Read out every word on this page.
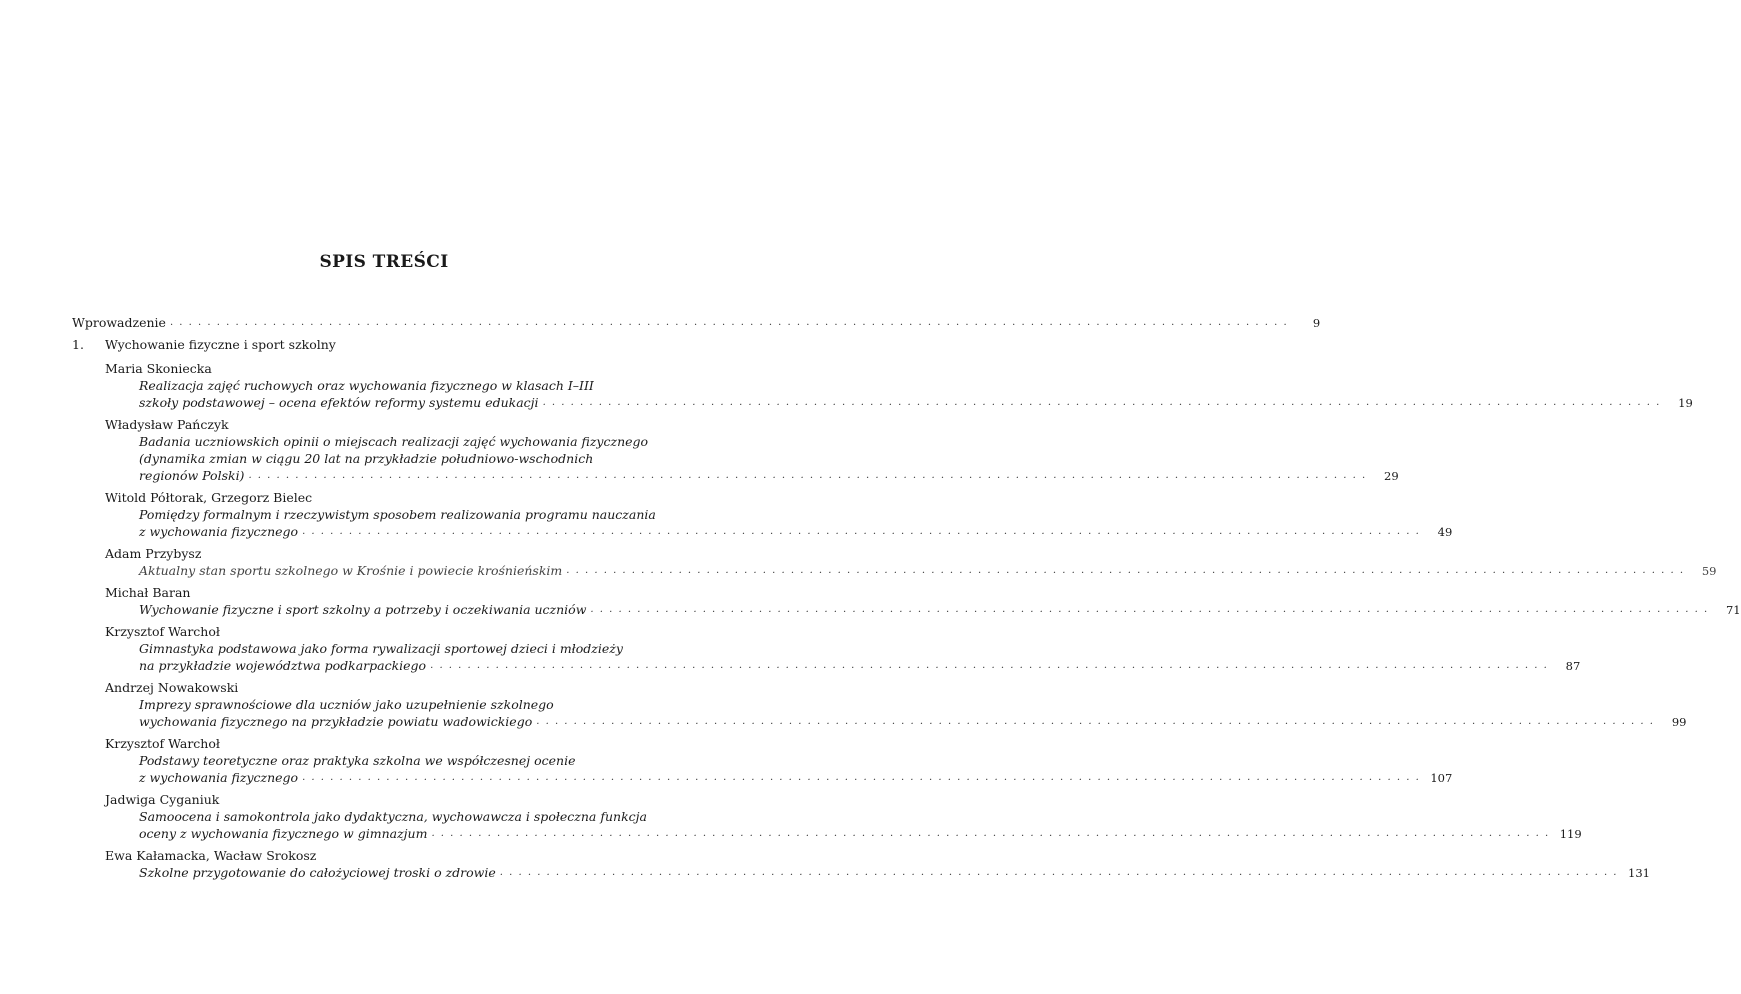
SPIS TREŚCI
Wprowadzenie . . . . . . . . . . . . . . . . . . . . . . . . . . . . . . . . . . . . . . . . . . . . . . . . . . . . . . . . . . . . . . . . . . . . . . . . . . . . . . . . . . . . . . . . . . . . . . . . . . . . . . . . . . . . . . . . . . . . . . . .	9
1.	Wychowanie fizyczne i sport szkolny
Maria Skoniecka
Realizacja zajęć ruchowych oraz wychowania fizycznego w klasach I–III
szkoły podstawowej – ocena efektów reformy systemu edukacji . . . . . . . . . . . . . . . . . . . . . . . . . . . . . . . . . . . . . . . . . . . . . . . . . . . . . . . . . . . . . . . . . . . . . . . . . . . . . . . . . . . . . . . . . . . . . . . . . . . . . . . . . . . . . . . . . . . . . . . .	19
Władysław Pańczyk
Badania uczniowskich opinii o miejscach realizacji zajęć wychowania fizycznego
(dynamika zmian w ciągu 20 lat na przykładzie południowo-wschodnich
regionów Polski) . . . . . . . . . . . . . . . . . . . . . . . . . . . . . . . . . . . . . . . . . . . . . . . . . . . . . . . . . . . . . . . . . . . . . . . . . . . . . . . . . . . . . . . . . . . . . . . . . . . . . . . . . . . . . . . . . . . . . . . .	29
Witold Półtorak, Grzegorz Bielec
Pomiędzy formalnym i rzeczywistym sposobem realizowania programu nauczania
z wychowania fizycznego . . . . . . . . . . . . . . . . . . . . . . . . . . . . . . . . . . . . . . . . . . . . . . . . . . . . . . . . . . . . . . . . . . . . . . . . . . . . . . . . . . . . . . . . . . . . . . . . . . . . . . . . . . . . . . . . . . . . . . . .	49
Adam Przybysz
Aktualny stan sportu szkolnego w Krośnie i powiecie krośnieńskim . . . . . . . . . . . . . . . . . . . . . . . . . . . . . . . . . . . . . . . . . . . . . . . . . . . . . . . . . . . . . . . . . . . . . . . . . . . . . . . . . . . . . . . . . . . . . . . . . . . . . . . . . . . . . . . . . . . . . . . .	59
Michał Baran
Wychowanie fizyczne i sport szkolny a potrzeby i oczekiwania uczniów . . . . . . . . . . . . . . . . . . . . . . . . . . . . . . . . . . . . . . . . . . . . . . . . . . . . . . . . . . . . . . . . . . . . . . . . . . . . . . . . . . . . . . . . . . . . . . . . . . . . . . . . . . . . . . . . . . . . . . . .	71
Krzysztof Warchoł
Gimnastyka podstawowa jako forma rywalizacji sportowej dzieci i młodzieży
na przykładzie województwa podkarpackiego . . . . . . . . . . . . . . . . . . . . . . . . . . . . . . . . . . . . . . . . . . . . . . . . . . . . . . . . . . . . . . . . . . . . . . . . . . . . . . . . . . . . . . . . . . . . . . . . . . . . . . . . . . . . . . . . . . . . . . . .	87
Andrzej Nowakowski
Imprezy sprawnościowe dla uczniów jako uzupełnienie szkolnego
wychowania fizycznego na przykładzie powiatu wadowickiego . . . . . . . . . . . . . . . . . . . . . . . . . . . . . . . . . . . . . . . . . . . . . . . . . . . . . . . . . . . . . . . . . . . . . . . . . . . . . . . . . . . . . . . . . . . . . . . . . . . . . . . . . . . . . . . . . . . . . . . .	99
Krzysztof Warchoł
Podstawy teoretyczne oraz praktyka szkolna we współczesnej ocenie
z wychowania fizycznego . . . . . . . . . . . . . . . . . . . . . . . . . . . . . . . . . . . . . . . . . . . . . . . . . . . . . . . . . . . . . . . . . . . . . . . . . . . . . . . . . . . . . . . . . . . . . . . . . . . . . . . . . . . . . . . . . . . . . . . . 107
Jadwiga Cyganiuk
Samoocena i samokontrola jako dydaktyczna, wychowawcza i społeczna funkcja
oceny z wychowania fizycznego w gimnazjum . . . . . . . . . . . . . . . . . . . . . . . . . . . . . . . . . . . . . . . . . . . . . . . . . . . . . . . . . . . . . . . . . . . . . . . . . . . . . . . . . . . . . . . . . . . . . . . . . . . . . . . . . . . . . . . . . . . . . . . . 119
Ewa Kałamacka, Wacław Srokosz
Szkolne przygotowanie do całożyciowej troski o zdrowie . . . . . . . . . . . . . . . . . . . . . . . . . . . . . . . . . . . . . . . . . . . . . . . . . . . . . . . . . . . . . . . . . . . . . . . . . . . . . . . . . . . . . . . . . . . . . . . . . . . . . . . . . . . . . . . . . . . . . . . . 131
